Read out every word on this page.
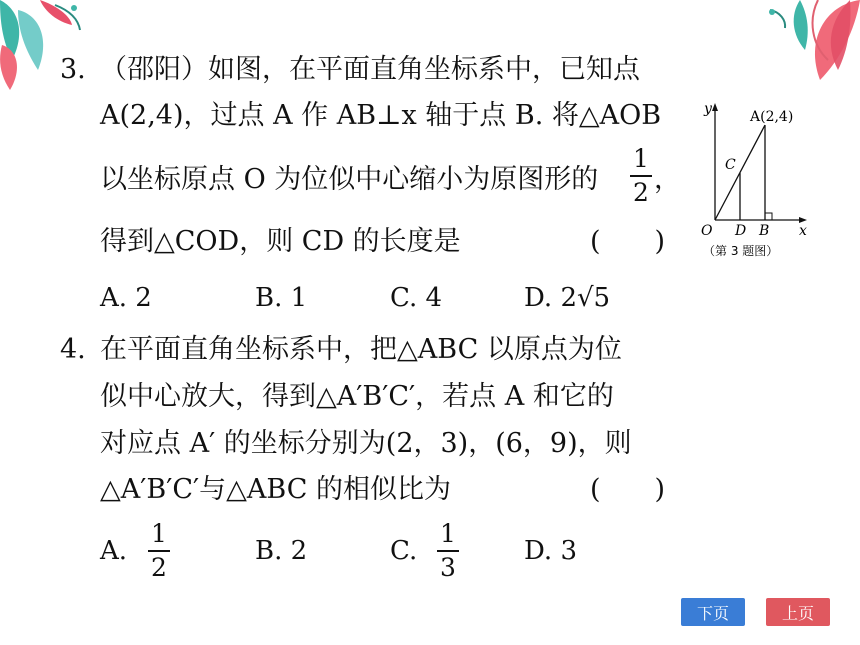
3. （邵阳）如图，在平面直角坐标系中，已知点
A(2,4)，过点 A 作 AB⊥x 轴于点 B. 将△AOB
以坐标原点 O 为位似中心缩小为原图形的
1
2 ，
得到△COD，则 CD 的长度是	(　　)
A. 2	B. 1	C. 4	D. 2√5
y
x
A(2,4)
C
O D B
（第 3 题图）
4. 在平面直角坐标系中，把△ABC 以原点为位
似中心放大，得到△A′B′C′，若点 A 和它的
对应点 A′ 的坐标分别为(2，3)，(6，9)，则
△A′B′C′与△ABC 的相似比为	(　　)
A.
1
2
B. 2	C.
1
3
D. 3
下页	上页
